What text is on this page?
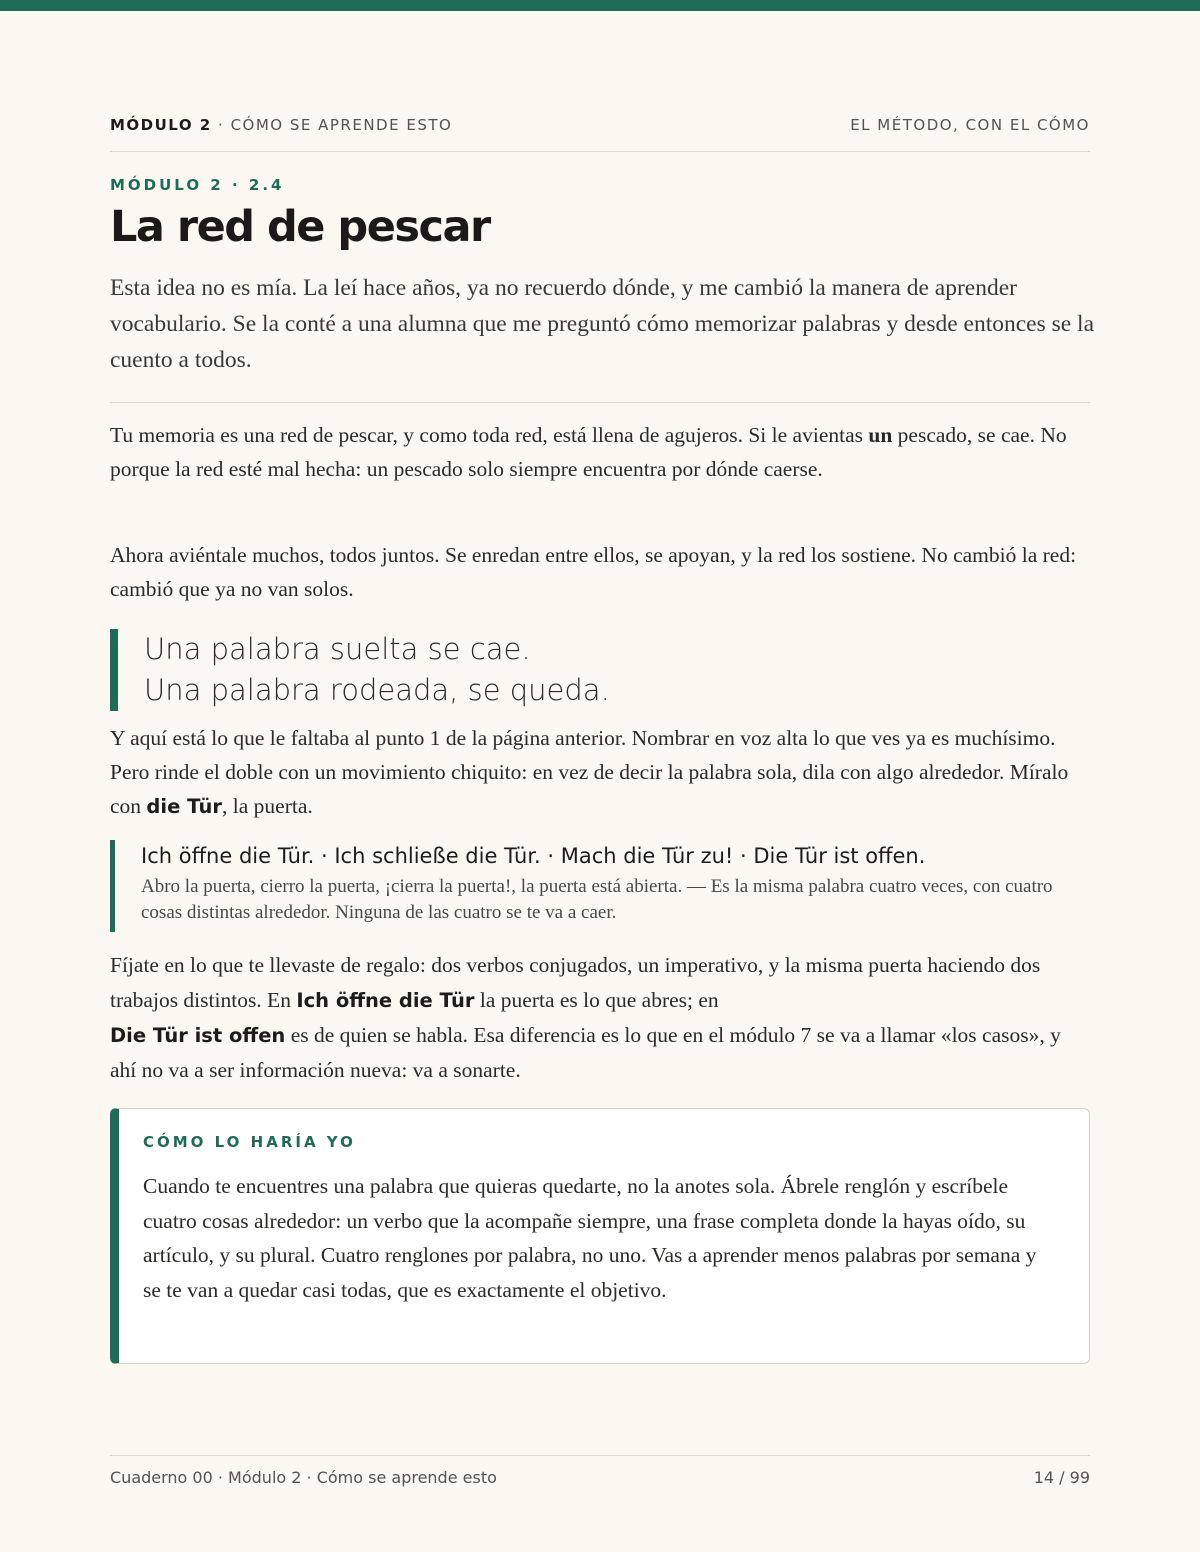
MÓDULO 2 · CÓMO SE APRENDE ESTO	EL MÉTODO, CON EL CÓMO
MÓDULO 2 · 2.4
La red de pescar

Esta idea no es mía. La leí hace años, ya no recuerdo dónde, y me cambió la manera de aprender vocabulario. Se la conté a una alumna que me preguntó cómo memorizar palabras y desde entonces se la cuento a todos.

Tu memoria es una red de pescar, y como toda red, está llena de agujeros. Si le avientas un pescado, se cae. No porque la red esté mal hecha: un pescado solo siempre encuentra por dónde caerse.

Ahora aviéntale muchos, todos juntos. Se enredan entre ellos, se apoyan, y la red los sostiene. No cambió la red: cambió que ya no van solos.

Una palabra suelta se cae.
Una palabra rodeada, se queda.

Y aquí está lo que le faltaba al punto 1 de la página anterior. Nombrar en voz alta lo que ves ya es muchísimo. Pero rinde el doble con un movimiento chiquito: en vez de decir la palabra sola, dila con algo alrededor. Míralo con die Tür, la puerta.

Ich öffne die Tür. · Ich schließe die Tür. · Mach die Tür zu! · Die Tür ist offen.
Abro la puerta, cierro la puerta, ¡cierra la puerta!, la puerta está abierta. — Es la misma palabra cuatro veces, con cuatro cosas distintas alrededor. Ninguna de las cuatro se te va a caer.

Fíjate en lo que te llevaste de regalo: dos verbos conjugados, un imperativo, y la misma puerta haciendo dos trabajos distintos. En Ich öffne die Tür la puerta es lo que abres; en
Die Tür ist offen es de quien se habla. Esa diferencia es lo que en el módulo 7 se va a llamar «los casos», y ahí no va a ser información nueva: va a sonarte.

CÓMO LO HARÍA YO
Cuando te encuentres una palabra que quieras quedarte, no la anotes sola. Ábrele renglón y escríbele cuatro cosas alrededor: un verbo que la acompañe siempre, una frase completa donde la hayas oído, su artículo, y su plural. Cuatro renglones por palabra, no uno. Vas a aprender menos palabras por semana y se te van a quedar casi todas, que es exactamente el objetivo.
Cuaderno 00 · Módulo 2 · Cómo se aprende esto	14 / 99
